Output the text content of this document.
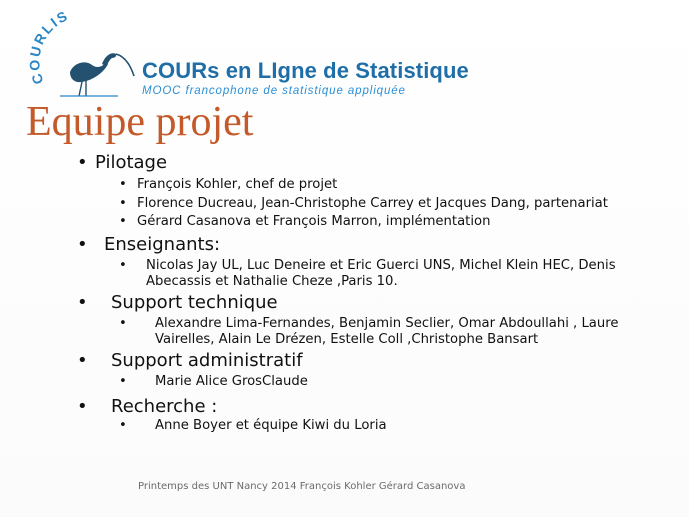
COURLIS
COURs en LIgne de Statistique
MOOC francophone de statistique appliquée
Equipe projet
• Pilotage
• François Kohler, chef de projet
• Florence Ducreau, Jean-Christophe Carrey et Jacques Dang, partenariat
• Gérard Casanova et François Marron, implémentation
• Enseignants:
• Nicolas Jay UL, Luc Deneire et Eric Guerci UNS, Michel Klein HEC, Denis
Abecassis et Nathalie Cheze ,Paris 10.
• Support technique
• Alexandre Lima-Fernandes, Benjamin Seclier, Omar Abdoullahi , Laure
Vairelles, Alain Le Drézen, Estelle Coll ,Christophe Bansart
• Support administratif
• Marie Alice GrosClaude
• Recherche :
• Anne Boyer et équipe Kiwi du Loria
Printemps des UNT Nancy 2014 François Kohler Gérard Casanova
